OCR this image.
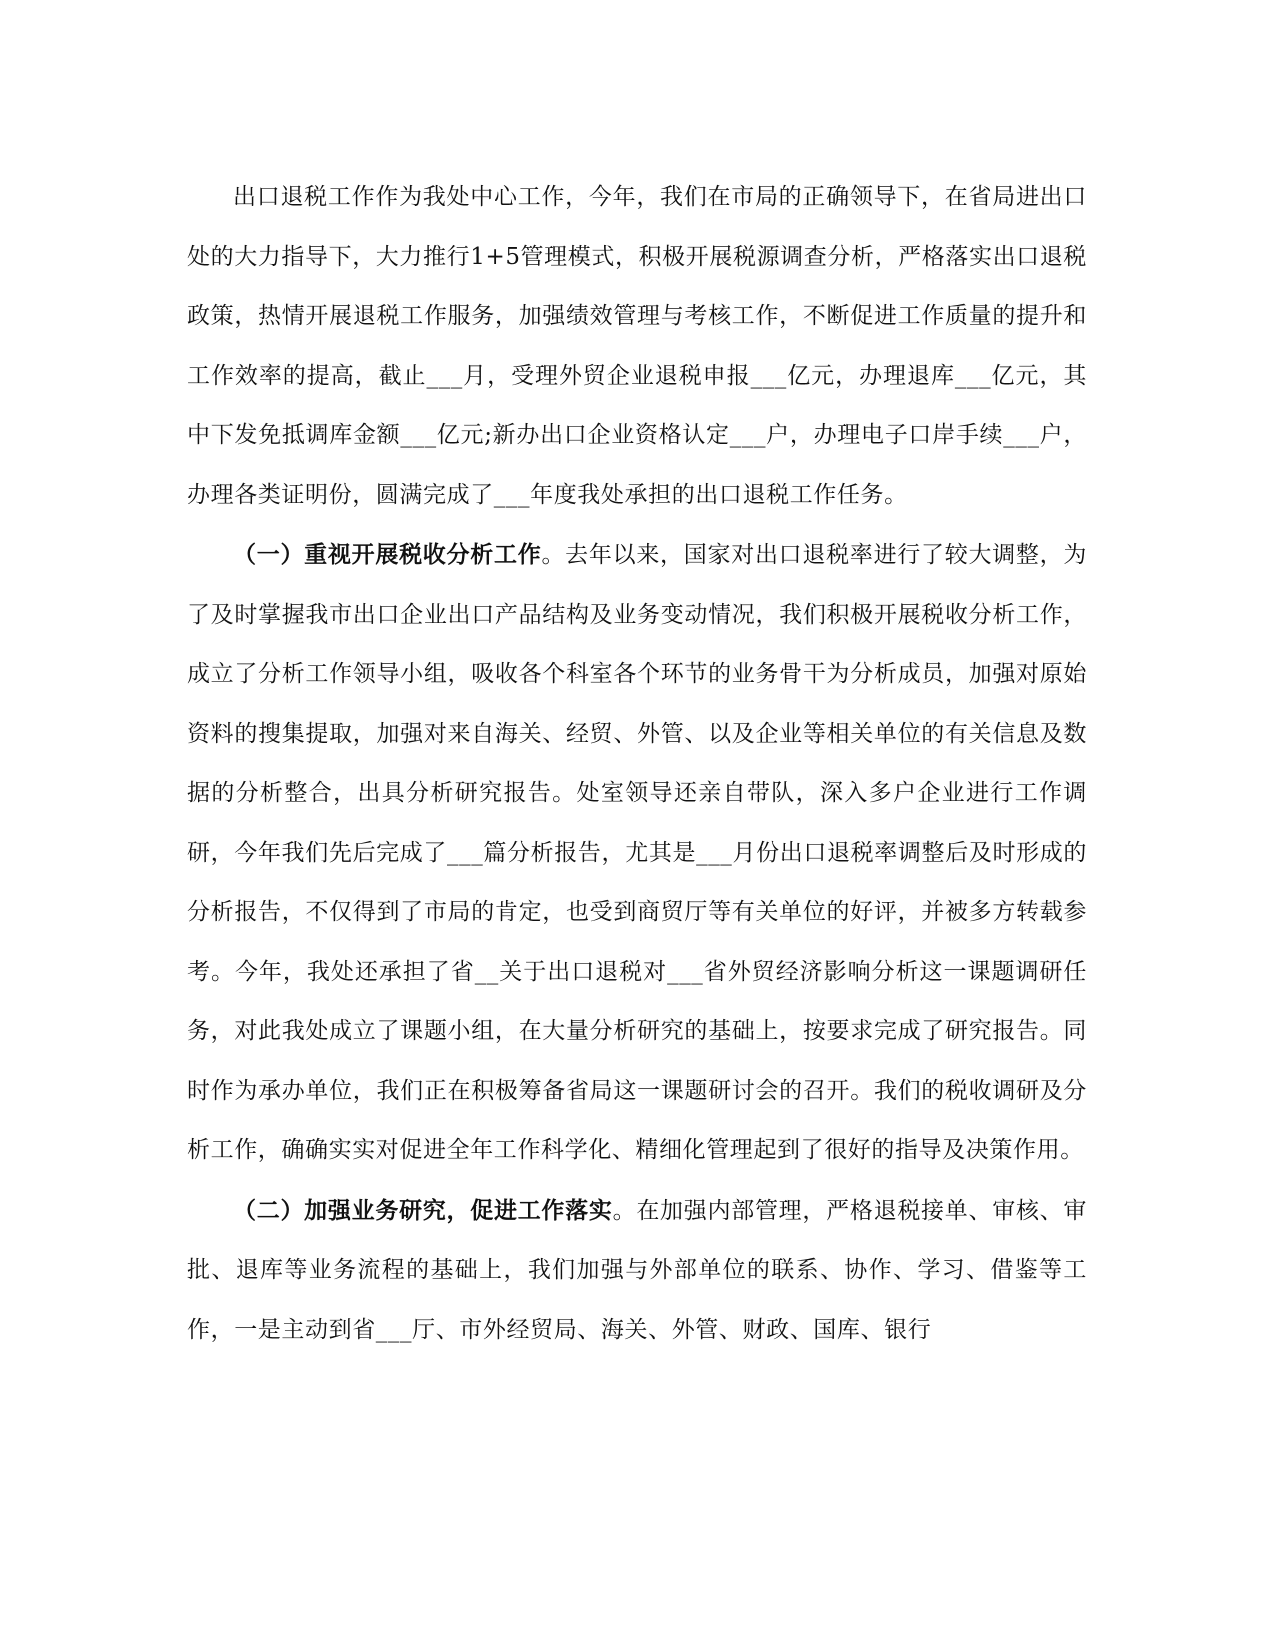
出口退税工作作为我处中心工作，今年，我们在市局的正确领导下，在省局进出口处的大力指导下，大力推行1+5管理模式，积极开展税源调查分析，严格落实出口退税政策，热情开展退税工作服务，加强绩效管理与考核工作，不断促进工作质量的提升和工作效率的提高，截止___月，受理外贸企业退税申报___亿元，办理退库___亿元，其中下发免抵调库金额___亿元;新办出口企业资格认定___户，办理电子口岸手续___户，办理各类证明份，圆满完成了___年度我处承担的出口退税工作任务。

（一）重视开展税收分析工作。去年以来，国家对出口退税率进行了较大调整，为了及时掌握我市出口企业出口产品结构及业务变动情况，我们积极开展税收分析工作，成立了分析工作领导小组，吸收各个科室各个环节的业务骨干为分析成员，加强对原始资料的搜集提取，加强对来自海关、经贸、外管、以及企业等相关单位的有关信息及数据的分析整合，出具分析研究报告。处室领导还亲自带队，深入多户企业进行工作调研，今年我们先后完成了___篇分析报告，尤其是___月份出口退税率调整后及时形成的分析报告，不仅得到了市局的肯定，也受到商贸厅等有关单位的好评，并被多方转载参考。今年，我处还承担了省__关于出口退税对___省外贸经济影响分析这一课题调研任务，对此我处成立了课题小组，在大量分析研究的基础上，按要求完成了研究报告。同时作为承办单位，我们正在积极筹备省局这一课题研讨会的召开。我们的税收调研及分析工作，确确实实对促进全年工作科学化、精细化管理起到了很好的指导及决策作用。

（二）加强业务研究，促进工作落实。在加强内部管理，严格退税接单、审核、审批、退库等业务流程的基础上，我们加强与外部单位的联系、协作、学习、借鉴等工作，一是主动到省___厅、市外经贸局、海关、外管、财政、国库、银行
